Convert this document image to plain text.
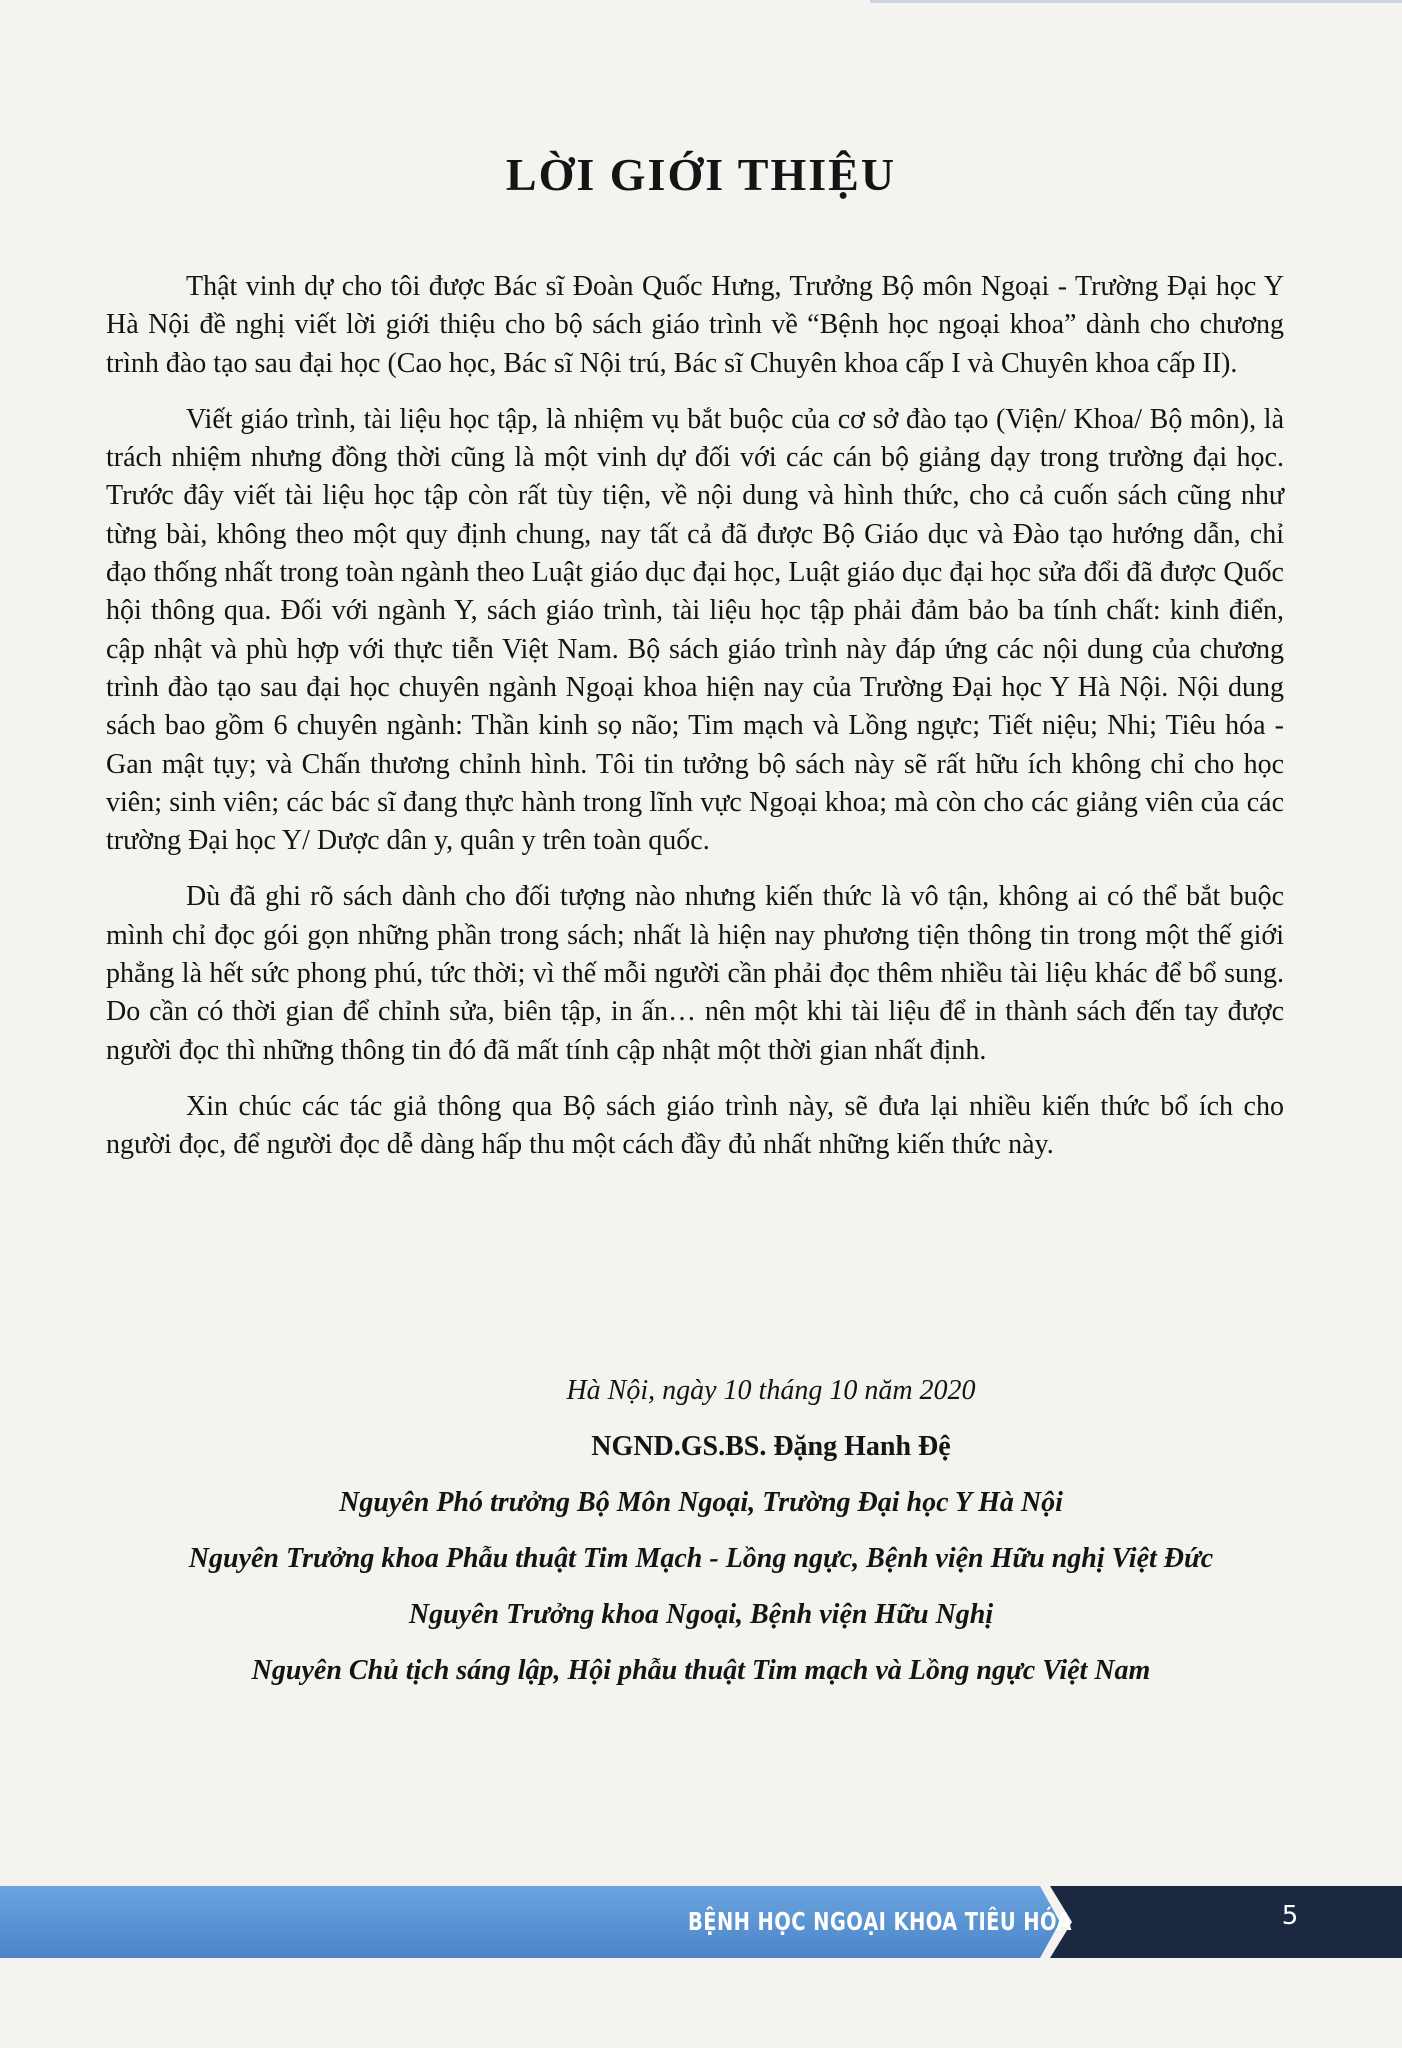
LỜI GIỚI THIỆU

Thật vinh dự cho tôi được Bác sĩ Đoàn Quốc Hưng, Trưởng Bộ môn Ngoại - Trường Đại học Y Hà Nội đề nghị viết lời giới thiệu cho bộ sách giáo trình về “Bệnh học ngoại khoa” dành cho chương trình đào tạo sau đại học (Cao học, Bác sĩ Nội trú, Bác sĩ Chuyên khoa cấp I và Chuyên khoa cấp II).

Viết giáo trình, tài liệu học tập, là nhiệm vụ bắt buộc của cơ sở đào tạo (Viện/ Khoa/ Bộ môn), là trách nhiệm nhưng đồng thời cũng là một vinh dự đối với các cán bộ giảng dạy trong trường đại học. Trước đây viết tài liệu học tập còn rất tùy tiện, về nội dung và hình thức, cho cả cuốn sách cũng như từng bài, không theo một quy định chung, nay tất cả đã được Bộ Giáo dục và Đào tạo hướng dẫn, chỉ đạo thống nhất trong toàn ngành theo Luật giáo dục đại học, Luật giáo dục đại học sửa đổi đã được Quốc hội thông qua. Đối với ngành Y, sách giáo trình, tài liệu học tập phải đảm bảo ba tính chất: kinh điển, cập nhật và phù hợp với thực tiễn Việt Nam. Bộ sách giáo trình này đáp ứng các nội dung của chương trình đào tạo sau đại học chuyên ngành Ngoại khoa hiện nay của Trường Đại học Y Hà Nội. Nội dung sách bao gồm 6 chuyên ngành: Thần kinh sọ não; Tim mạch và Lồng ngực; Tiết niệu; Nhi; Tiêu hóa - Gan mật tụy; và Chấn thương chỉnh hình. Tôi tin tưởng bộ sách này sẽ rất hữu ích không chỉ cho học viên; sinh viên; các bác sĩ đang thực hành trong lĩnh vực Ngoại khoa; mà còn cho các giảng viên của các trường Đại học Y/ Dược dân y, quân y trên toàn quốc.

Dù đã ghi rõ sách dành cho đối tượng nào nhưng kiến thức là vô tận, không ai có thể bắt buộc mình chỉ đọc gói gọn những phần trong sách; nhất là hiện nay phương tiện thông tin trong một thế giới phẳng là hết sức phong phú, tức thời; vì thế mỗi người cần phải đọc thêm nhiều tài liệu khác để bổ sung. Do cần có thời gian để chỉnh sửa, biên tập, in ấn… nên một khi tài liệu để in thành sách đến tay được người đọc thì những thông tin đó đã mất tính cập nhật một thời gian nhất định.

Xin chúc các tác giả thông qua Bộ sách giáo trình này, sẽ đưa lại nhiều kiến thức bổ ích cho người đọc, để người đọc dễ dàng hấp thu một cách đầy đủ nhất những kiến thức này.

Hà Nội, ngày 10 tháng 10 năm 2020
NGND.GS.BS. Đặng Hanh Đệ
Nguyên Phó trưởng Bộ Môn Ngoại, Trường Đại học Y Hà Nội
Nguyên Trưởng khoa Phẫu thuật Tim Mạch - Lồng ngực, Bệnh viện Hữu nghị Việt Đức
Nguyên Trưởng khoa Ngoại, Bệnh viện Hữu Nghị
Nguyên Chủ tịch sáng lập, Hội phẫu thuật Tim mạch và Lồng ngực Việt Nam
BỆNH HỌC NGOẠI KHOA TIÊU HÓA	5
